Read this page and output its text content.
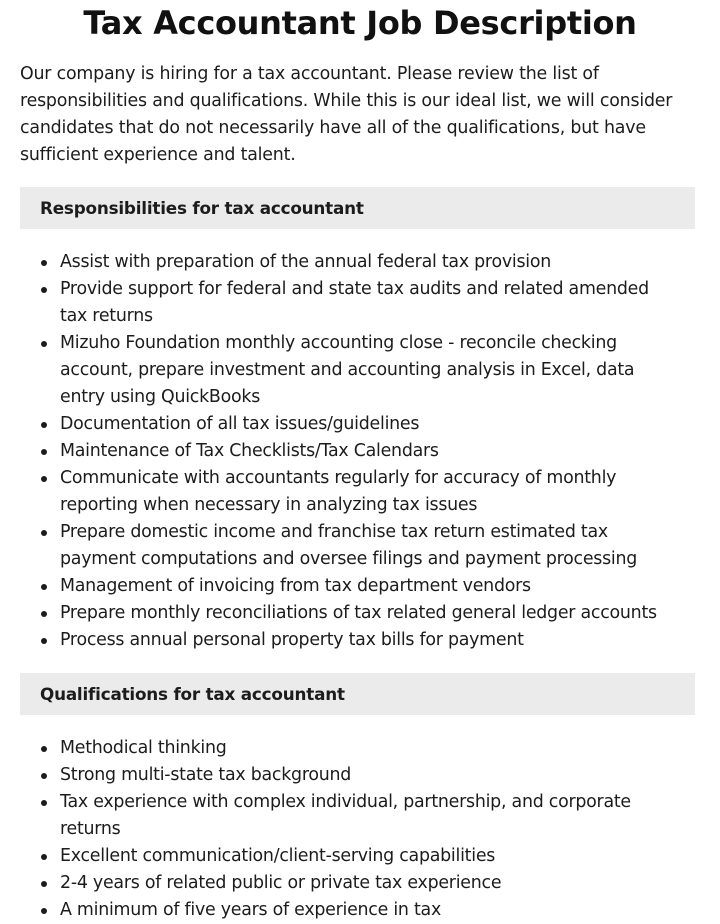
Tax Accountant Job Description

Our company is hiring for a tax accountant. Please review the list of responsibilities and qualifications. While this is our ideal list, we will consider candidates that do not necessarily have all of the qualifications, but have sufficient experience and talent.

Responsibilities for tax accountant
Assist with preparation of the annual federal tax provision
Provide support for federal and state tax audits and related amended tax returns
Mizuho Foundation monthly accounting close - reconcile checking account, prepare investment and accounting analysis in Excel, data entry using QuickBooks
Documentation of all tax issues/guidelines
Maintenance of Tax Checklists/Tax Calendars
Communicate with accountants regularly for accuracy of monthly reporting when necessary in analyzing tax issues
Prepare domestic income and franchise tax return estimated tax payment computations and oversee filings and payment processing
Management of invoicing from tax department vendors
Prepare monthly reconciliations of tax related general ledger accounts
Process annual personal property tax bills for payment
Qualifications for tax accountant
Methodical thinking
Strong multi-state tax background
Tax experience with complex individual, partnership, and corporate returns
Excellent communication/client-serving capabilities
2-4 years of related public or private tax experience
A minimum of five years of experience in tax
